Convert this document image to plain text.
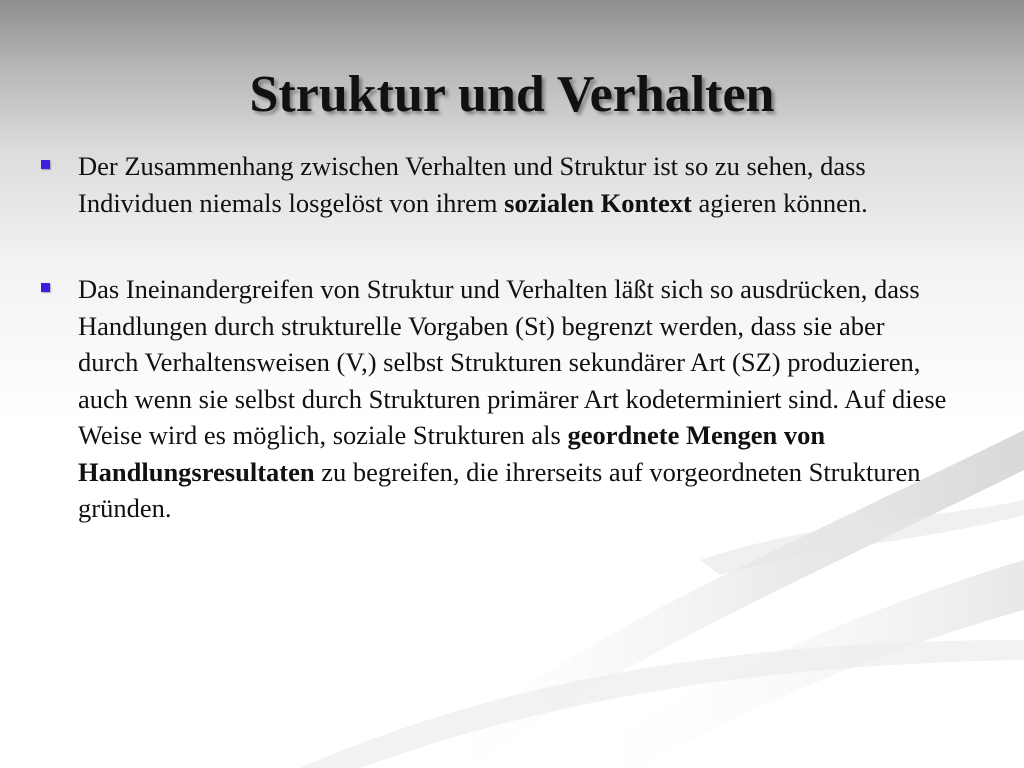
Struktur und Verhalten
Der Zusammenhang zwischen Verhalten und Struktur ist so zu sehen, dass Individuen niemals losgelöst von ihrem sozialen Kontext agieren können.
Das Ineinandergreifen von Struktur und Verhalten läßt sich so ausdrücken, dass Handlungen durch strukturelle Vorgaben (St) begrenzt werden, dass sie aber durch Verhaltensweisen (V,) selbst Strukturen sekundärer Art (SZ) produzieren, auch wenn sie selbst durch Strukturen primärer Art kodeterminiert sind. Auf diese Weise wird es möglich, soziale Strukturen als geordnete Mengen von Handlungsresultaten zu begreifen, die ihrerseits auf vorgeordneten Strukturen gründen.
